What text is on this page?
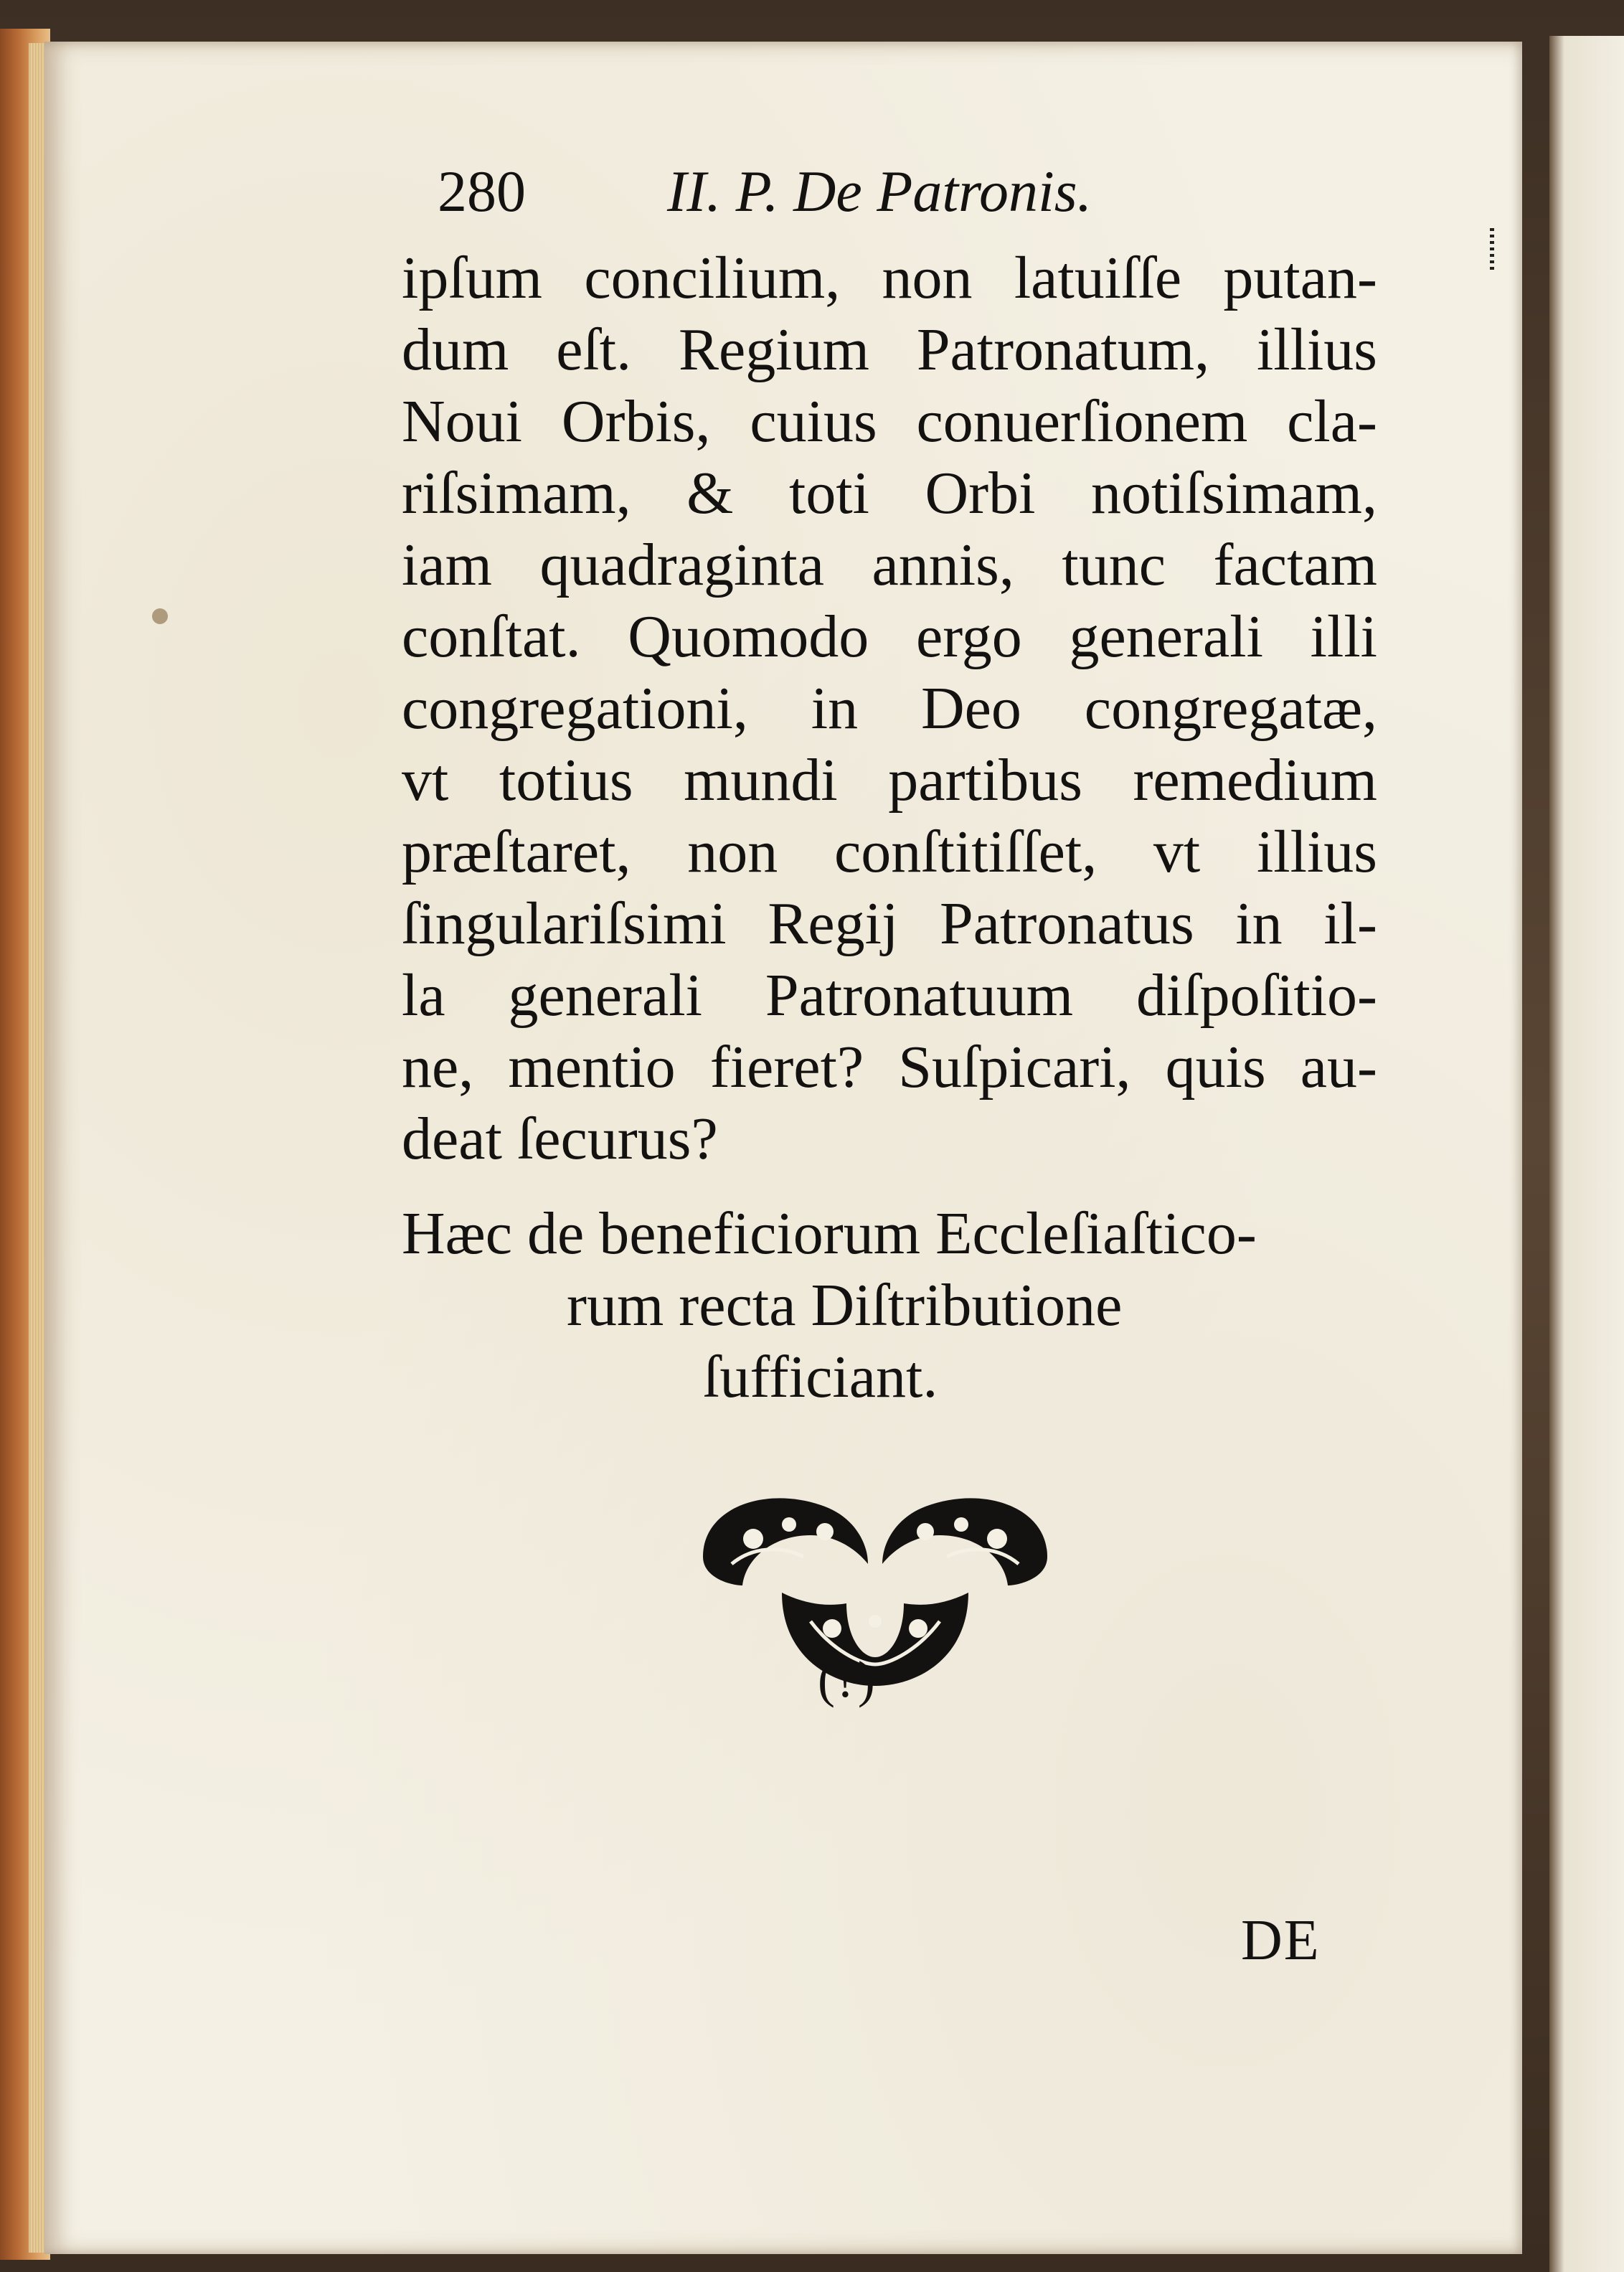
280 II. P. De Patronis.
ipſum concilium, non latuiſſe putan-
dum eſt. Regium Patronatum, illius
Noui Orbis, cuius conuerſionem cla-
riſsimam, & toti Orbi notiſsimam,
iam quadraginta annis, tunc factam
conſtat. Quomodo ergo generali illi
congregationi, in Deo congregatæ,
vt totius mundi partibus remedium
præſtaret, non conſtitiſſet, vt illius
ſingulariſsimi Regij Patronatus in il-
la generali Patronatuum diſpoſitio-
ne, mentio fieret? Suſpicari, quis au-
deat ſecurus?
Hæc de beneficiorum Eccleſiaſtico-
rum recta Diſtributione
ſufficiant.
(?)
DE
